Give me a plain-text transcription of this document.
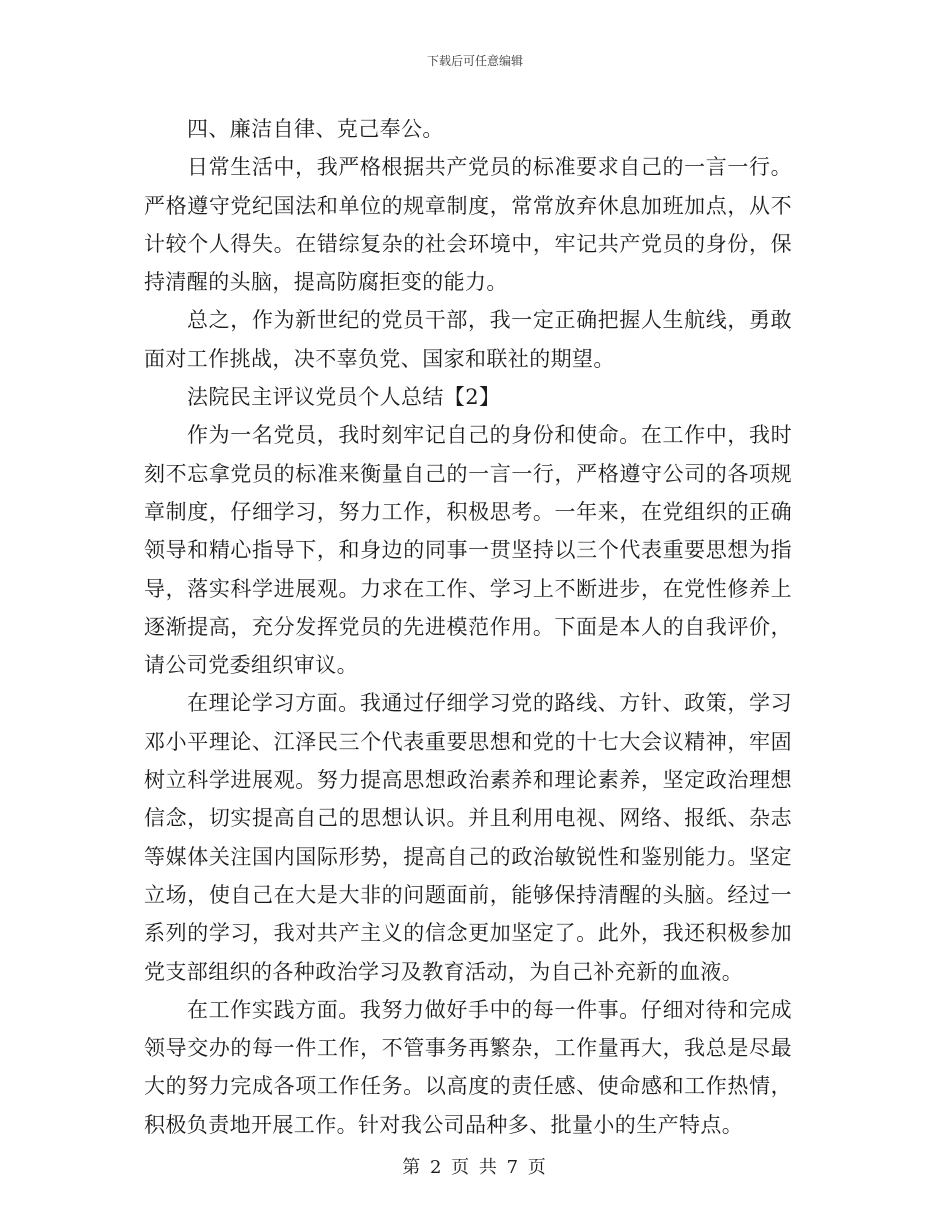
下载后可任意编辑

四、廉洁自律、克己奉公。

日常生活中，我严格根据共产党员的标准要求自己的一言一行。严格遵守党纪国法和单位的规章制度，常常放弃休息加班加点，从不计较个人得失。在错综复杂的社会环境中，牢记共产党员的身份，保持清醒的头脑，提高防腐拒变的能力。

总之，作为新世纪的党员干部，我一定正确把握人生航线，勇敢面对工作挑战，决不辜负党、国家和联社的期望。

法院民主评议党员个人总结【2】

作为一名党员，我时刻牢记自己的身份和使命。在工作中，我时刻不忘拿党员的标准来衡量自己的一言一行，严格遵守公司的各项规章制度，仔细学习，努力工作，积极思考。一年来，在党组织的正确领导和精心指导下，和身边的同事一贯坚持以三个代表重要思想为指导，落实科学进展观。力求在工作、学习上不断进步，在党性修养上逐渐提高，充分发挥党员的先进模范作用。下面是本人的自我评价，请公司党委组织审议。

在理论学习方面。我通过仔细学习党的路线、方针、政策，学习邓小平理论、江泽民三个代表重要思想和党的十七大会议精神，牢固树立科学进展观。努力提高思想政治素养和理论素养，坚定政治理想信念，切实提高自己的思想认识。并且利用电视、网络、报纸、杂志等媒体关注国内国际形势，提高自己的政治敏锐性和鉴别能力。坚定立场，使自己在大是大非的问题面前，能够保持清醒的头脑。经过一系列的学习，我对共产主义的信念更加坚定了。此外，我还积极参加党支部组织的各种政治学习及教育活动，为自己补充新的血液。

在工作实践方面。我努力做好手中的每一件事。仔细对待和完成领导交办的每一件工作，不管事务再繁杂，工作量再大，我总是尽最大的努力完成各项工作任务。以高度的责任感、使命感和工作热情，积极负责地开展工作。针对我公司品种多、批量小的生产特点。

第 2 页 共 7 页
